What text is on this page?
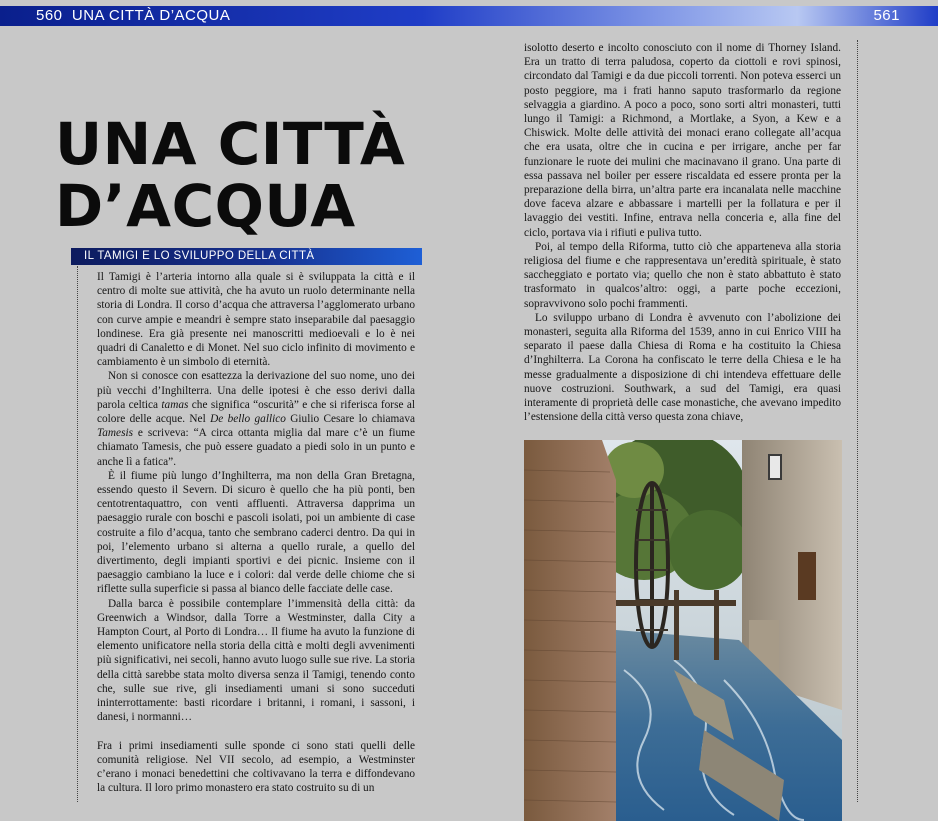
560 UNA CITTÀ D’ACQUA	561
UNA CITTÀ
D’ACQUA
IL TAMIGI E LO SVILUPPO DELLA CITTÀ

Il Tamigi è l’arteria intorno alla quale si è sviluppata la città e il centro di molte sue attività, che ha avuto un ruolo determinante nella storia di Londra. Il corso d’acqua che attraversa l’agglomerato urbano con curve ampie e meandri è sempre stato inseparabile dal paesaggio londinese. Era già presente nei manoscritti medioevali e lo è nei quadri di Canaletto e di Monet. Nel suo ciclo infinito di movimento e cambiamento è un simbolo di eternità.

Non si conosce con esattezza la derivazione del suo nome, uno dei più vecchi d’Inghilterra. Una delle ipotesi è che esso derivi dalla parola celtica tamas che significa “oscurità” e che si riferisca forse al colore delle acque. Nel De bello gallico Giulio Cesare lo chiamava Tamesis e scriveva: “A circa ottanta miglia dal mare c’è un fiume chiamato Tamesis, che può essere guadato a piedi solo in un punto e anche lì a fatica”.

È il fiume più lungo d’Inghilterra, ma non della Gran Bretagna, essendo questo il Severn. Di sicuro è quello che ha più ponti, ben centotrentaquattro, con venti affluenti. Attraversa dapprima un paesaggio rurale con boschi e pascoli isolati, poi un ambiente di case costruite a filo d’acqua, tanto che sembrano caderci dentro. Da qui in poi, l’elemento urbano si alterna a quello rurale, a quello del divertimento, degli impianti sportivi e dei picnic. Insieme con il paesaggio cambiano la luce e i colori: dal verde delle chiome che si riflette sulla superficie si passa al bianco delle facciate delle case.

Dalla barca è possibile contemplare l’immensità della città: da Greenwich a Windsor, dalla Torre a Westminster, dalla City a Hampton Court, al Porto di Londra… Il fiume ha avuto la funzione di elemento unificatore nella storia della città e molti degli avvenimenti più significativi, nei secoli, hanno avuto luogo sulle sue rive. La storia della città sarebbe stata molto diversa senza il Tamigi, tenendo conto che, sulle sue rive, gli insediamenti umani si sono succeduti ininterrottamente: basti ricordare i britanni, i romani, i sassoni, i danesi, i normanni…

Fra i primi insediamenti sulle sponde ci sono stati quelli delle comunità religiose. Nel VII secolo, ad esempio, a Westminster c’erano i monaci benedettini che coltivavano la terra e diffondevano la cultura. Il loro primo monastero era stato costruito su di un

isolotto deserto e incolto conosciuto con il nome di Thorney Island. Era un tratto di terra paludosa, coperto da ciottoli e rovi spinosi, circondato dal Tamigi e da due piccoli torrenti. Non poteva esserci un posto peggiore, ma i frati hanno saputo trasformarlo da regione selvaggia a giardino. A poco a poco, sono sorti altri monasteri, tutti lungo il Tamigi: a Richmond, a Mortlake, a Syon, a Kew e a Chiswick. Molte delle attività dei monaci erano collegate all’acqua che era usata, oltre che in cucina e per irrigare, anche per far funzionare le ruote dei mulini che macinavano il grano. Una parte di essa passava nel boiler per essere riscaldata ed essere pronta per la preparazione della birra, un’altra parte era incanalata nelle macchine dove faceva alzare e abbassare i martelli per la follatura e per il lavaggio dei vestiti. Infine, entrava nella conceria e, alla fine del ciclo, portava via i rifiuti e puliva tutto.

Poi, al tempo della Riforma, tutto ciò che apparteneva alla storia religiosa del fiume e che rappresentava un’eredità spirituale, è stato saccheggiato e portato via; quello che non è stato abbattuto è stato trasformato in qualcos’altro: oggi, a parte poche eccezioni, sopravvivono solo pochi frammenti.

Lo sviluppo urbano di Londra è avvenuto con l’abolizione dei monasteri, seguita alla Riforma del 1539, anno in cui Enrico VIII ha separato il paese dalla Chiesa di Roma e ha costituito la Chiesa d’Inghilterra. La Corona ha confiscato le terre della Chiesa e le ha messe gradualmente a disposizione di chi intendeva effettuare delle nuove costruzioni. Southwark, a sud del Tamigi, era quasi interamente di proprietà delle case monastiche, che avevano impedito l’estensione della città verso questa zona chiave,
